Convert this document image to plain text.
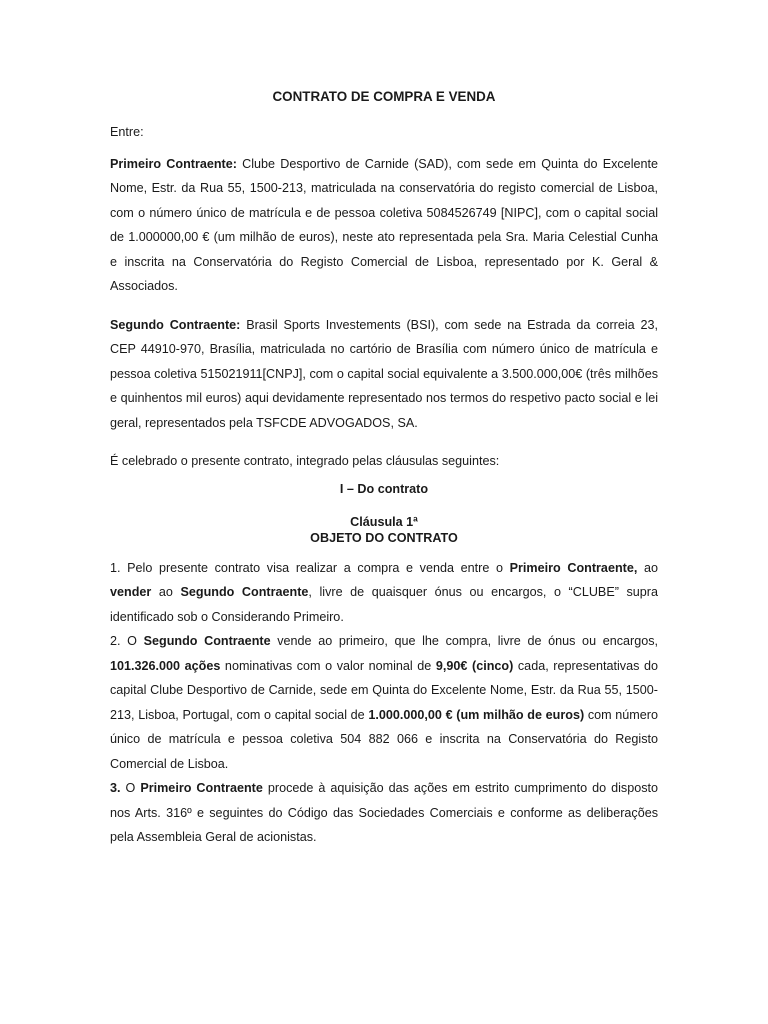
CONTRATO DE COMPRA E VENDA

Entre:

Primeiro Contraente: Clube Desportivo de Carnide (SAD), com sede em Quinta do Excelente Nome, Estr. da Rua 55, 1500-213, matriculada na conservatória do registo comercial de Lisboa, com o número único de matrícula e de pessoa coletiva 5084526749 [NIPC], com o capital social de 1.000000,00 € (um milhão de euros), neste ato representada pela Sra. Maria Celestial Cunha e inscrita na Conservatória do Registo Comercial de Lisboa, representado por K. Geral & Associados.

Segundo Contraente: Brasil Sports Investements (BSI), com sede na Estrada da correia 23, CEP 44910-970, Brasília, matriculada no cartório de Brasília com número único de matrícula e pessoa coletiva 515021911[CNPJ], com o capital social equivalente a 3.500.000,00€ (três milhões e quinhentos mil euros) aqui devidamente representado nos termos do respetivo pacto social e lei geral, representados pela TSFCDE ADVOGADOS, SA.

É celebrado o presente contrato, integrado pelas cláusulas seguintes:

I – Do contrato

Cláusula 1ª

OBJETO DO CONTRATO

1. Pelo presente contrato visa realizar a compra e venda entre o Primeiro Contraente, ao vender ao Segundo Contraente, livre de quaisquer ónus ou encargos, o “CLUBE” supra identificado sob o Considerando Primeiro.

2. O Segundo Contraente vende ao primeiro, que lhe compra, livre de ónus ou encargos, 101.326.000 ações nominativas com o valor nominal de 9,90€ (cinco) cada, representativas do capital Clube Desportivo de Carnide, sede em Quinta do Excelente Nome, Estr. da Rua 55, 1500-213, Lisboa, Portugal, com o capital social de 1.000.000,00 € (um milhão de euros) com número único de matrícula e pessoa coletiva 504 882 066 e inscrita na Conservatória do Registo Comercial de Lisboa.

3. O Primeiro Contraente procede à aquisição das ações em estrito cumprimento do disposto nos Arts. 316º e seguintes do Código das Sociedades Comerciais e conforme as deliberações pela Assembleia Geral de acionistas.
